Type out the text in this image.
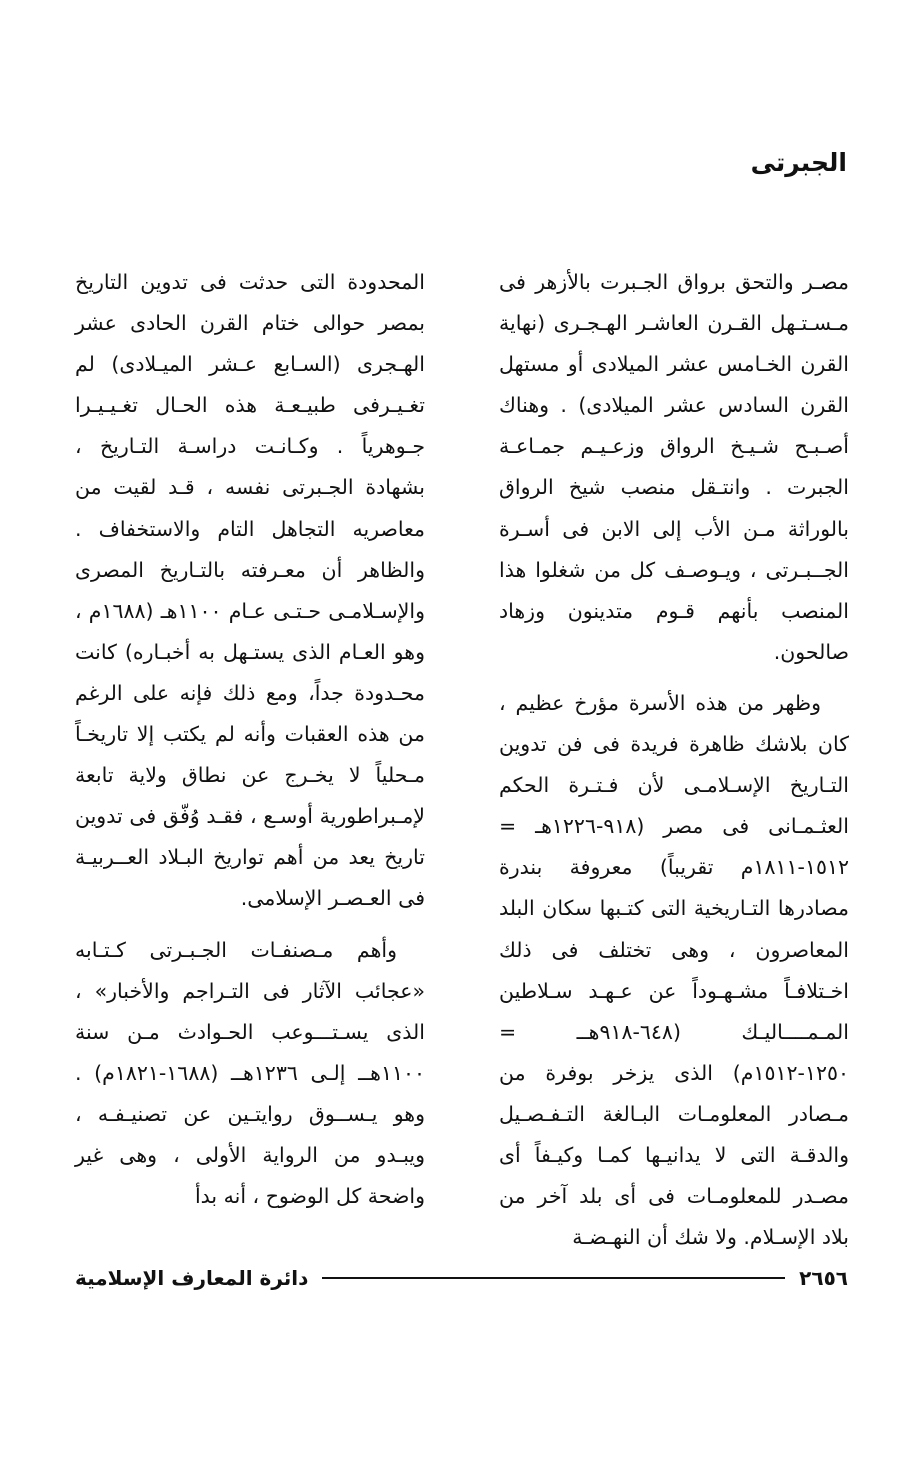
الجبرتى

مصـر والتحق برواق الجـبرت بالأزهر فى مـسـتـهل القـرن العاشـر الهـجـرى (نهاية القرن الخـامس عشر الميلادى أو مستهل القرن السادس عشر الميلادى) . وهناك أصـبـح شـيـخ الرواق وزعـيـم جمـاعـة الجبرت . وانتـقل منصب شيخ الرواق بالوراثة مـن الأب إلى الابن فى أسـرة الجــبـرتى ، ويـوصـف كل من شغلوا هذا المنصب بأنهم قـوم متدينون وزهاد صالحون.

وظهر من هذه الأسرة مؤرخ عظيم ، كان بلاشك ظاهرة فريدة فى فن تدوين التـاريخ الإسـلامـى لأن فـتـرة الحكم العثـمـانى فى مصر (٩١٨-١٢٢٦هـ = ١٥١٢-١٨١١م تقريباً) معروفة بندرة مصادرها التـاريخية التى كتـبها سكان البلد المعاصرون ، وهى تختلف فى ذلك اخـتلافـاً مشـهـوداً عن عـهـد سـلاطين المـمــــاليـك (٦٤٨-٩١٨هــ = ١٢٥٠-١٥١٢م) الذى يزخر بوفرة من مـصادر المعلومـات البـالغة التـفـصـيل والدقـة التى لا يدانيـها كمـا وكيـفاً أى مصـدر للمعلومـات فى أى بلد آخر من بلاد الإسـلام. ولا شك أن النهـضـة

المحدودة التى حدثت فى تدوين التاريخ بمصر حوالى ختام القرن الحادى عشر الهـجرى (السـابع عـشر الميـلادى) لم تغـيـرفى طبيـعـة هذه الحـال تغـيـيـرا جـوهرياً . وكـانـت دراسـة التـاريخ ، بشهادة الجـبرتى نفسه ، قـد لقيت من معاصريه التجاهل التام والاستخفاف . والظاهر أن معـرفته بالتـاريخ المصرى والإسـلامـى حـتـى عـام ١١٠٠هـ (١٦٨٨م ، وهو العـام الذى يستـهل به أخبـاره) كانت محـدودة جداً، ومع ذلك فإنه على الرغم من هذه العقبات وأنه لم يكتب إلا تاريخـاً مـحلياً لا يخـرج عن نطاق ولاية تابعة لإمـبراطورية أوسـع ، فقـد وُفّق فى تدوين تاريخ يعد من أهم تواريخ البـلاد العــربيـة فى العـصـر الإسلامى.

وأهم مـصنفـات الجـبـرتى كـتـابه «عجائب الآثار فى التـراجم والأخبار» ، الذى يسـتـــوعب الحـوادث مـن سنة ١١٠٠هــ إلـى ١٢٣٦هــ (١٦٨٨-١٨٢١م) . وهو يـســوق روايتـين عن تصنيـفـه ، ويبـدو من الرواية الأولى ، وهى غير واضحة كل الوضوح ، أنه بدأ

٢٦٥٦
دائرة المعارف الإسلامية
